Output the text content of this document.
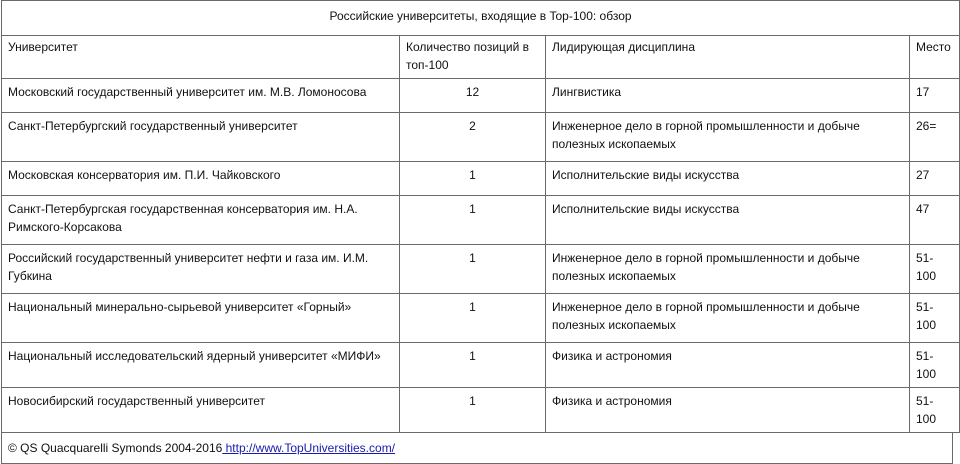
Российские университеты, входящие в Top-100: обзор			
Университет	Количество позиций в топ-100	Лидирующая дисциплина	Место
Московский государственный университет им. М.В. Ломоносова	12	Лингвистика	17
Санкт-Петербургский государственный университет	2	Инженерное дело в горной промышленности и добыче полезных ископаемых	26=
Московская консерватория им. П.И. Чайковского	1	Исполнительские виды искусства	27
Санкт-Петербургская государственная консерватория им. Н.А. Римского-Корсакова	1	Исполнительские виды искусства	47
Российский государственный университет нефти и газа им. И.М. Губкина	1	Инженерное дело в горной промышленности и добыче полезных ископаемых	51-100
Национальный минерально-сырьевой университет «Горный»	1	Инженерное дело в горной промышленности и добыче полезных ископаемых	51-100
Национальный исследовательский ядерный университет «МИФИ»	1	Физика и астрономия	51-100
Новосибирский государственный университет	1	Физика и астрономия	51-100
© QS Quacquarelli Symonds 2004-2016 http://www.TopUniversities.com/
